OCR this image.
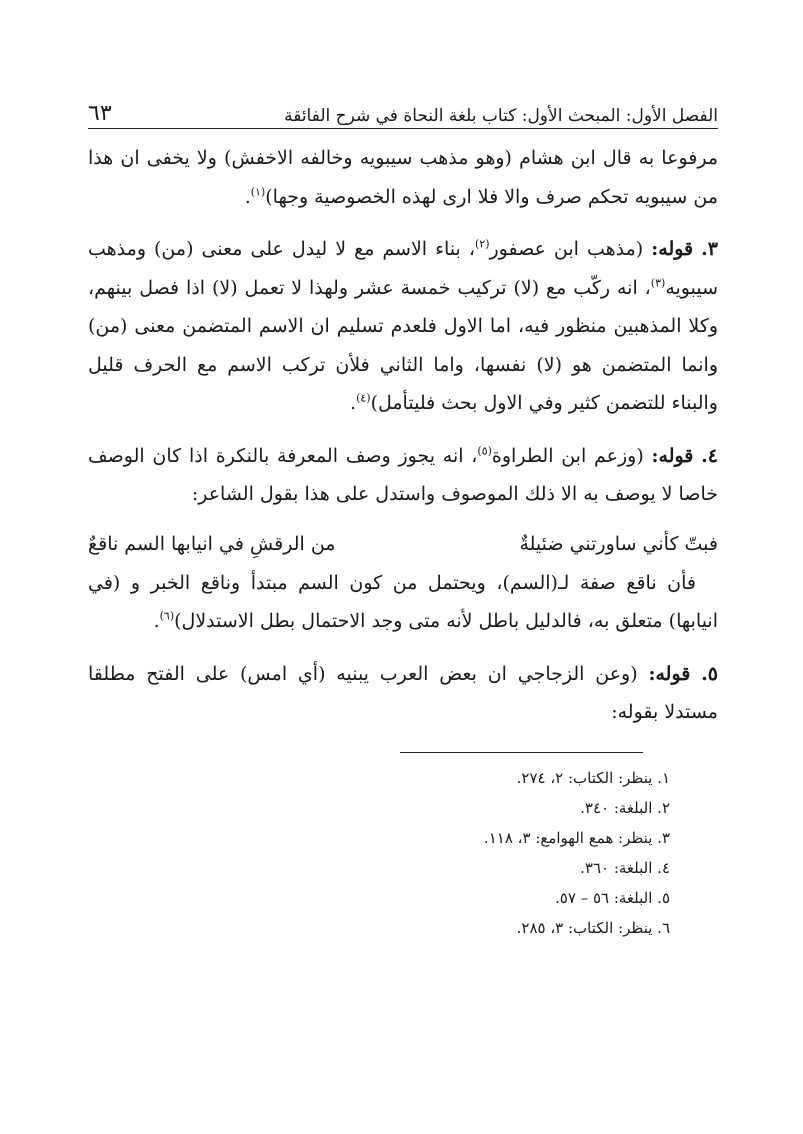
الفصل الأول: المبحث الأول: كتاب بلغة النحاة في شرح الفائقة
٦٣

مرفوعا به قال ابن هشام (وهو مذهب سيبويه وخالفه الاخفش) ولا يخفى ان هذا من سيبويه تحكم صرف والا فلا ارى لهذه الخصوصية وجها)$^{(١)}$.

٣. قوله: (مذهب ابن عصفور$^{(٢)}$، بناء الاسم مع لا ليدل على معنى (من) ومذهب سيبويه$^{(٣)}$، انه ركّب مع (لا) تركيب خمسة عشر ولهذا لا تعمل (لا) اذا فصل بينهم، وكلا المذهبين منظور فيه، اما الاول فلعدم تسليم ان الاسم المتضمن معنى (من) وانما المتضمن هو (لا) نفسها، واما الثاني فلأن تركب الاسم مع الحرف قليل والبناء للتضمن كثير وفي الاول بحث فليتأمل)$^{(٤)}$.

٤. قوله: (وزعم ابن الطراوة$^{(٥)}$، انه يجوز وصف المعرفة بالنكرة اذا كان الوصف خاصا لا يوصف به الا ذلك الموصوف واستدل على هذا بقول الشاعر:

فبتّ كأني ساورتني ضئيلةٌ
من الرقشِ في انيابها السم ناقعٌ

فأن ناقع صفة لـ(السم)، ويحتمل من كون السم مبتدأ وناقع الخبر و (في انيابها) متعلق به، فالدليل باطل لأنه متى وجد الاحتمال بطل الاستدلال)$^{(٦)}$.

٥. قوله: (وعن الزجاجي ان بعض العرب يبنيه (أي امس) على الفتح مطلقا مستدلا بقوله:

١. ينظر: الكتاب: ٢، ٢٧٤.
٢. البلغة: ٣٤٠.
٣. ينظر: همع الهوامع: ٣، ١١٨.
٤. البلغة: ٣٦٠.
٥. البلغة: ٥٦ – ٥٧.
٦. ينظر: الكتاب: ٣، ٢٨٥.
